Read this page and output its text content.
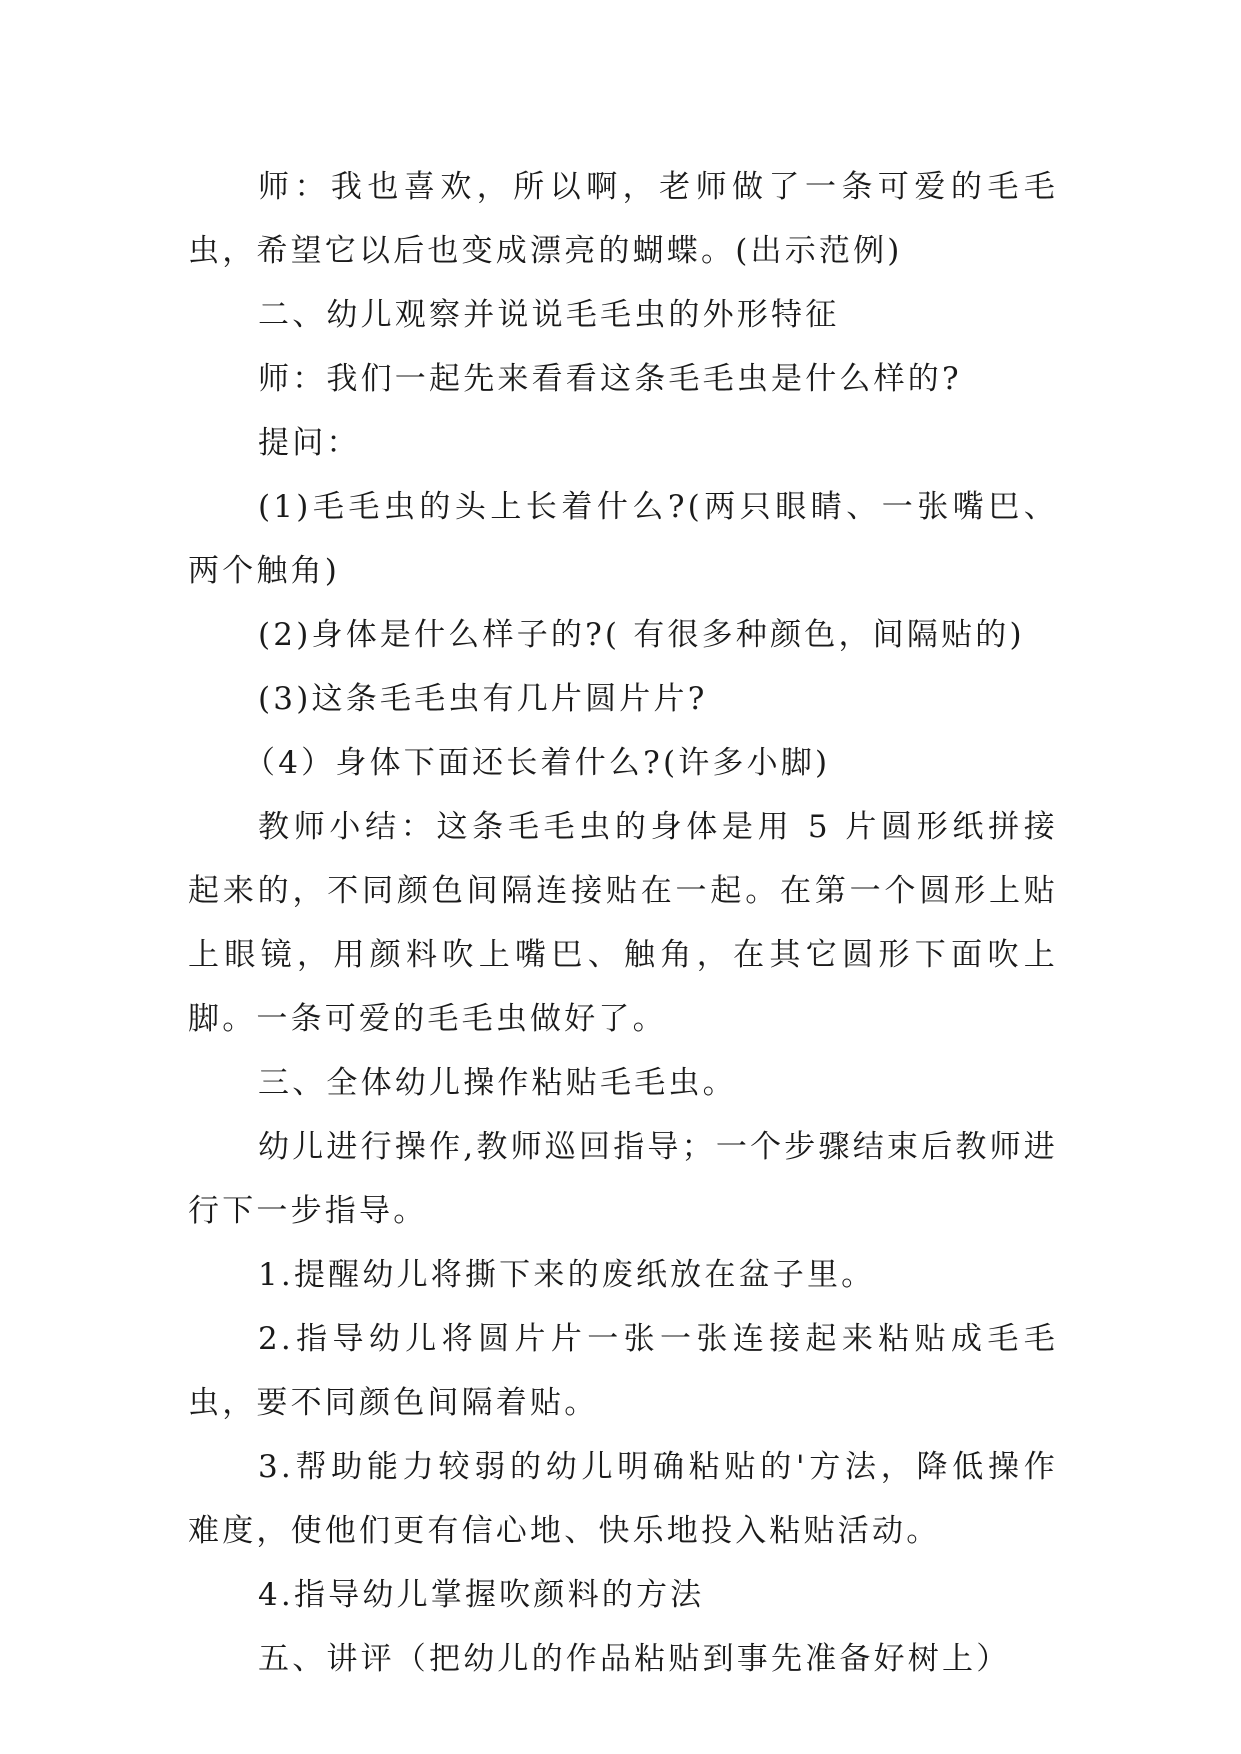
师：我也喜欢，所以啊，老师做了一条可爱的毛毛虫，希望它以后也变成漂亮的蝴蝶。(出示范例)

二、幼儿观察并说说毛毛虫的外形特征

师：我们一起先来看看这条毛毛虫是什么样的?

提问：

(1)毛毛虫的头上长着什么?(两只眼睛、一张嘴巴、两个触角)

(2)身体是什么样子的?( 有很多种颜色，间隔贴的)

(3)这条毛毛虫有几片圆片片?

（4）身体下面还长着什么?(许多小脚)

教师小结：这条毛毛虫的身体是用 5 片圆形纸拼接起来的，不同颜色间隔连接贴在一起。在第一个圆形上贴上眼镜，用颜料吹上嘴巴、触角，在其它圆形下面吹上脚。一条可爱的毛毛虫做好了。

三、全体幼儿操作粘贴毛毛虫。

幼儿进行操作,教师巡回指导；一个步骤结束后教师进行下一步指导。

1.提醒幼儿将撕下来的废纸放在盆子里。

2.指导幼儿将圆片片一张一张连接起来粘贴成毛毛虫，要不同颜色间隔着贴。

3.帮助能力较弱的幼儿明确粘贴的'方法，降低操作难度，使他们更有信心地、快乐地投入粘贴活动。

4.指导幼儿掌握吹颜料的方法

五、讲评（把幼儿的作品粘贴到事先准备好树上）
